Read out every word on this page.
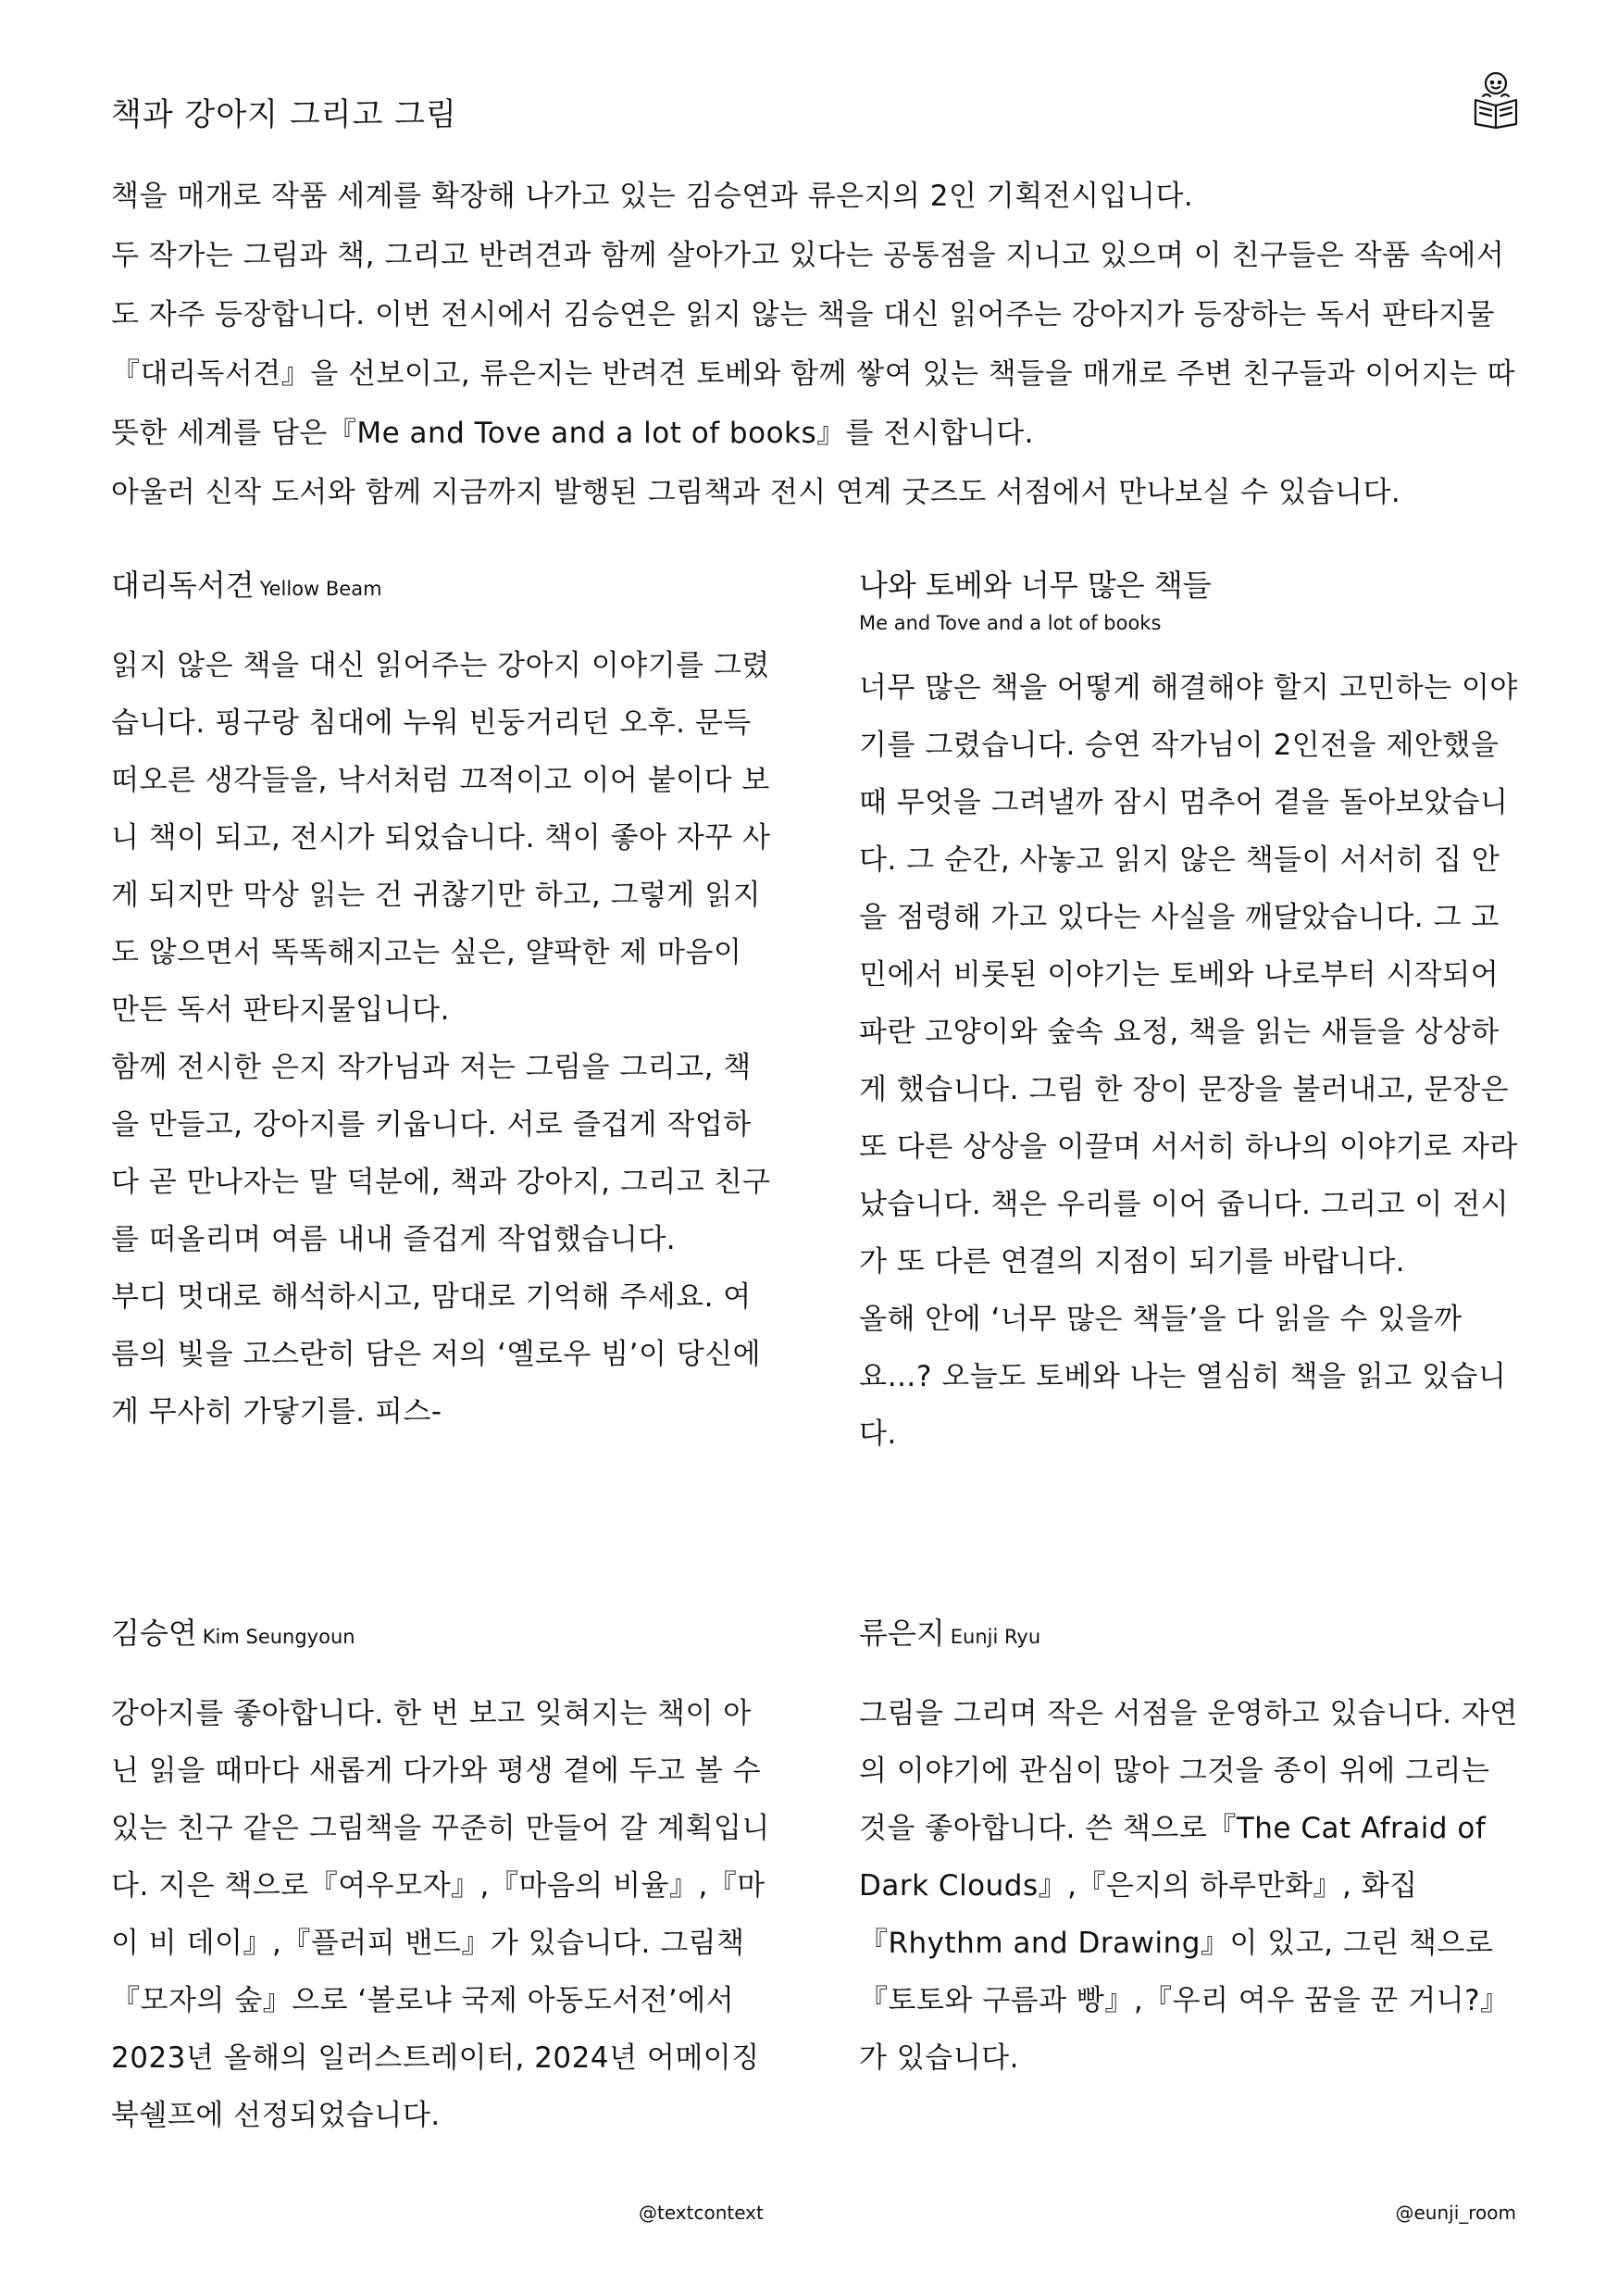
책과 강아지 그리고 그림

책을 매개로 작품 세계를 확장해 나가고 있는 김승연과 류은지의 2인 기획전시입니다.

두 작가는 그림과 책, 그리고 반려견과 함께 살아가고 있다는 공통점을 지니고 있으며 이 친구들은 작품 속에서도 자주 등장합니다. 이번 전시에서 김승연은 읽지 않는 책을 대신 읽어주는 강아지가 등장하는 독서 판타지물『대리독서견』을 선보이고, 류은지는 반려견 토베와 함께 쌓여 있는 책들을 매개로 주변 친구들과 이어지는 따뜻한 세계를 담은『Me and Tove and a lot of books』를 전시합니다.

아울러 신작 도서와 함께 지금까지 발행된 그림책과 전시 연계 굿즈도 서점에서 만나보실 수 있습니다.

대리독서견 Yellow Beam

읽지 않은 책을 대신 읽어주는 강아지 이야기를 그렸습니다. 핑구랑 침대에 누워 빈둥거리던 오후. 문득 떠오른 생각들을, 낙서처럼 끄적이고 이어 붙이다 보니 책이 되고, 전시가 되었습니다. 책이 좋아 자꾸 사게 되지만 막상 읽는 건 귀찮기만 하고, 그렇게 읽지도 않으면서 똑똑해지고는 싶은, 얄팍한 제 마음이 만든 독서 판타지물입니다.

함께 전시한 은지 작가님과 저는 그림을 그리고, 책을 만들고, 강아지를 키웁니다. 서로 즐겁게 작업하다 곧 만나자는 말 덕분에, 책과 강아지, 그리고 친구를 떠올리며 여름 내내 즐겁게 작업했습니다.

부디 멋대로 해석하시고, 맘대로 기억해 주세요. 여름의 빛을 고스란히 담은 저의 ‘옐로우 빔’이 당신에게 무사히 가닿기를. 피스-

나와 토베와 너무 많은 책들
Me and Tove and a lot of books

너무 많은 책을 어떻게 해결해야 할지 고민하는 이야기를 그렸습니다. 승연 작가님이 2인전을 제안했을 때 무엇을 그려낼까 잠시 멈추어 곁을 돌아보았습니다. 그 순간, 사놓고 읽지 않은 책들이 서서히 집 안을 점령해 가고 있다는 사실을 깨달았습니다. 그 고민에서 비롯된 이야기는 토베와 나로부터 시작되어 파란 고양이와 숲속 요정, 책을 읽는 새들을 상상하게 했습니다. 그림 한 장이 문장을 불러내고, 문장은 또 다른 상상을 이끌며 서서히 하나의 이야기로 자라났습니다. 책은 우리를 이어 줍니다. 그리고 이 전시가 또 다른 연결의 지점이 되기를 바랍니다.

올해 안에 ‘너무 많은 책들’을 다 읽을 수 있을까요…? 오늘도 토베와 나는 열심히 책을 읽고 있습니다.

김승연 Kim Seungyoun

강아지를 좋아합니다. 한 번 보고 잊혀지는 책이 아닌 읽을 때마다 새롭게 다가와 평생 곁에 두고 볼 수 있는 친구 같은 그림책을 꾸준히 만들어 갈 계획입니다. 지은 책으로『여우모자』,『마음의 비율』,『마이 비 데이』,『플러피 밴드』가 있습니다. 그림책『모자의 숲』으로 ‘볼로냐 국제 아동도서전’에서 2023년 올해의 일러스트레이터, 2024년 어메이징 북쉘프에 선정되었습니다.

류은지 Eunji Ryu

그림을 그리며 작은 서점을 운영하고 있습니다. 자연의 이야기에 관심이 많아 그것을 종이 위에 그리는 것을 좋아합니다. 쓴 책으로『The Cat Afraid of Dark Clouds』,『은지의 하루만화』, 화집『Rhythm and Drawing』이 있고, 그린 책으로『토토와 구름과 빵』,『우리 여우 꿈을 꾼 거니?』가 있습니다.

@textcontext	@eunji_room
